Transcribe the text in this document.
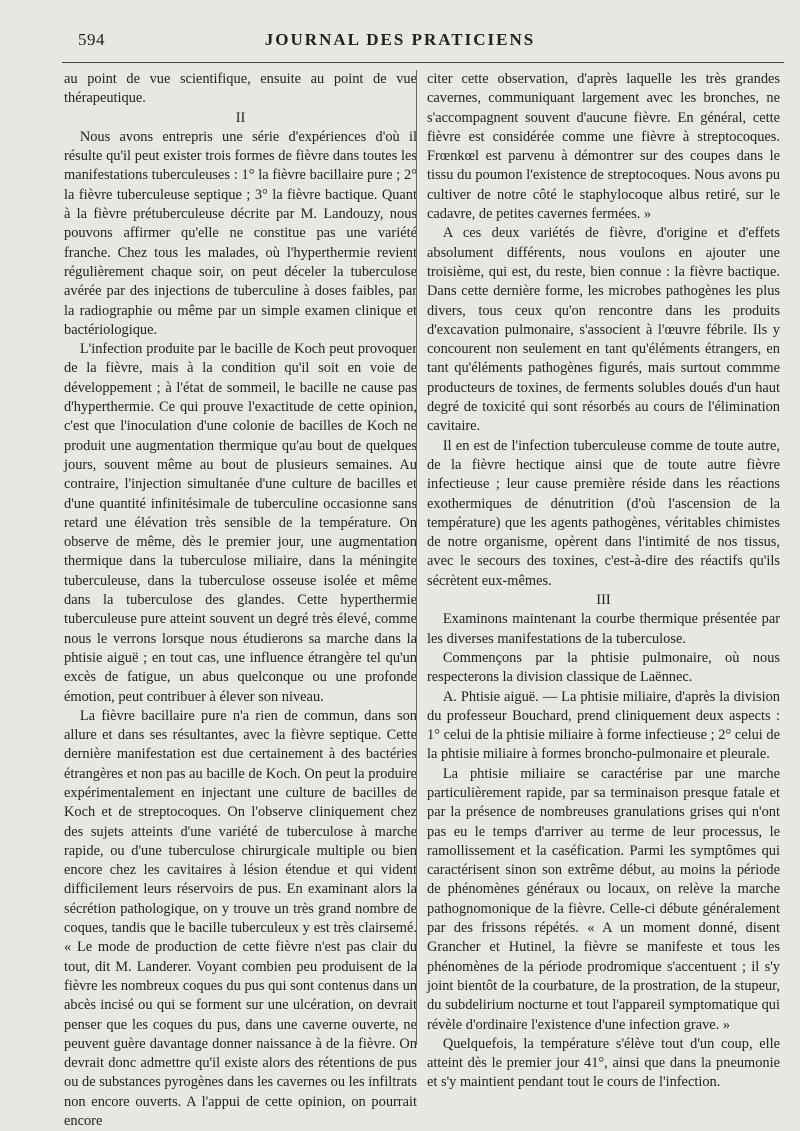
594	JOURNAL DES PRATICIENS

au point de vue scientifique, ensuite au point de vue thérapeutique.

II

Nous avons entrepris une série d'expériences d'où il résulte qu'il peut exister trois formes de fièvre dans toutes les manifestations tuberculeuses : 1° la fièvre bacillaire pure ; 2° la fièvre tuberculeuse septique ; 3° la fièvre bactique. Quant à la fièvre prétuberculeuse décrite par M. Landouzy, nous pouvons affirmer qu'elle ne constitue pas une variété franche. Chez tous les malades, où l'hyperthermie revient régulièrement chaque soir, on peut déceler la tuberculose avérée par des injections de tuberculine à doses faibles, par la radiographie ou même par un simple examen clinique et bactériologique.

L'infection produite par le bacille de Koch peut provoquer de la fièvre, mais à la condition qu'il soit en voie de développement ; à l'état de sommeil, le bacille ne cause pas d'hyperthermie. Ce qui prouve l'exactitude de cette opinion, c'est que l'inoculation d'une colonie de bacilles de Koch ne produit une augmentation thermique qu'au bout de quelques jours, souvent même au bout de plusieurs semaines. Au contraire, l'injection simultanée d'une culture de bacilles et d'une quantité infinitésimale de tuberculine occasionne sans retard une élévation très sensible de la température. On observe de même, dès le premier jour, une augmentation thermique dans la tuberculose miliaire, dans la méningite tuberculeuse, dans la tuberculose osseuse isolée et même dans la tuberculose des glandes. Cette hyperthermie tuberculeuse pure atteint souvent un degré très élevé, comme nous le verrons lorsque nous étudierons sa marche dans la phtisie aiguë ; en tout cas, une influence étrangère tel qu'un excès de fatigue, un abus quelconque ou une profonde émotion, peut contribuer à élever son niveau.

La fièvre bacillaire pure n'a rien de commun, dans son allure et dans ses résultantes, avec la fièvre septique. Cette dernière manifestation est due certainement à des bactéries étrangères et non pas au bacille de Koch. On peut la produire expérimentalement en injectant une culture de bacilles de Koch et de streptocoques. On l'observe cliniquement chez des sujets atteints d'une variété de tuberculose à marche rapide, ou d'une tuberculose chirurgicale multiple ou bien encore chez les cavitaires à lésion étendue et qui vident difficilement leurs réservoirs de pus. En examinant alors la sécrétion pathologique, on y trouve un très grand nombre de coques, tandis que le bacille tuberculeux y est très clairsemé. « Le mode de production de cette fièvre n'est pas clair du tout, dit M. Landerer. Voyant combien peu produisent de la fièvre les nombreux coques du pus qui sont contenus dans un abcès incisé ou qui se forment sur une ulcération, on devrait penser que les coques du pus, dans une caverne ouverte, ne peuvent guère davantage donner naissance à de la fièvre. On devrait donc admettre qu'il existe alors des rétentions de pus ou de substances pyrogènes dans les cavernes ou les infiltrats non encore ouverts. A l'appui de cette opinion, on pourrait encore

citer cette observation, d'après laquelle les très grandes cavernes, communiquant largement avec les bronches, ne s'accompagnent souvent d'aucune fièvre. En général, cette fièvre est considérée comme une fièvre à streptocoques. Frœnkœl est parvenu à démontrer sur des coupes dans le tissu du poumon l'existence de streptocoques. Nous avons pu cultiver de notre côté le staphylocoque albus retiré, sur le cadavre, de petites cavernes fermées. »

A ces deux variétés de fièvre, d'origine et d'effets absolument différents, nous voulons en ajouter une troisième, qui est, du reste, bien connue : la fièvre bactique. Dans cette dernière forme, les microbes pathogènes les plus divers, tous ceux qu'on rencontre dans les produits d'excavation pulmonaire, s'associent à l'œuvre fébrile. Ils y concourent non seulement en tant qu'éléments étrangers, en tant qu'éléments pathogènes figurés, mais surtout commme producteurs de toxines, de ferments solubles doués d'un haut degré de toxicité qui sont résorbés au cours de l'élimination cavitaire.

Il en est de l'infection tuberculeuse comme de toute autre, de la fièvre hectique ainsi que de toute autre fièvre infectieuse ; leur cause première réside dans les réactions exothermiques de dénutrition (d'où l'ascension de la température) que les agents pathogènes, véritables chimistes de notre organisme, opèrent dans l'intimité de nos tissus, avec le secours des toxines, c'est-à-dire des réactifs qu'ils sécrètent eux-mêmes.

III

Examinons maintenant la courbe thermique présentée par les diverses manifestations de la tuberculose.

Commençons par la phtisie pulmonaire, où nous respecterons la division classique de Laënnec.

A. Phtisie aiguë. — La phtisie miliaire, d'après la division du professeur Bouchard, prend cliniquement deux aspects : 1° celui de la phtisie miliaire à forme infectieuse ; 2° celui de la phtisie miliaire à formes broncho-pulmonaire et pleurale.

La phtisie miliaire se caractérise par une marche particulièrement rapide, par sa terminaison presque fatale et par la présence de nombreuses granulations grises qui n'ont pas eu le temps d'arriver au terme de leur processus, le ramollissement et la caséfication. Parmi les symptômes qui caractérisent sinon son extrême début, au moins la période de phénomènes généraux ou locaux, on relève la marche pathognomonique de la fièvre. Celle-ci débute généralement par des frissons répétés. « A un moment donné, disent Grancher et Hutinel, la fièvre se manifeste et tous les phénomènes de la période prodromique s'accentuent ; il s'y joint bientôt de la courbature, de la prostration, de la stupeur, du subdelirium nocturne et tout l'appareil symptomatique qui révèle d'ordinaire l'existence d'une infection grave. »

Quelquefois, la température s'élève tout d'un coup, elle atteint dès le premier jour 41°, ainsi que dans la pneumonie et s'y maintient pendant tout le cours de l'infection.
